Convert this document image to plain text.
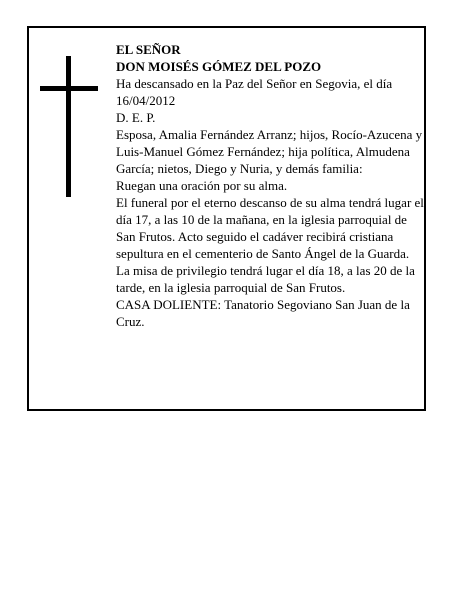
EL SEÑOR

DON MOISÉS GÓMEZ DEL POZO

Ha descansado en la Paz del Señor en Segovia, el día 16/04/2012

D. E. P.

Esposa, Amalia Fernández Arranz; hijos, Rocío-Azucena y Luis-Manuel Gómez Fernández; hija política, Almudena García; nietos, Diego y Nuria, y demás familia:

Ruegan una oración por su alma.

El funeral por el eterno descanso de su alma tendrá lugar el día 17, a las 10 de la mañana, en la iglesia parroquial de San Frutos. Acto seguido el cadáver recibirá cristiana sepultura en el cementerio de Santo Ángel de la Guarda. La misa de privilegio tendrá lugar el día 18, a las 20 de la tarde, en la iglesia parroquial de San Frutos.

CASA DOLIENTE: Tanatorio Segoviano San Juan de la Cruz.
